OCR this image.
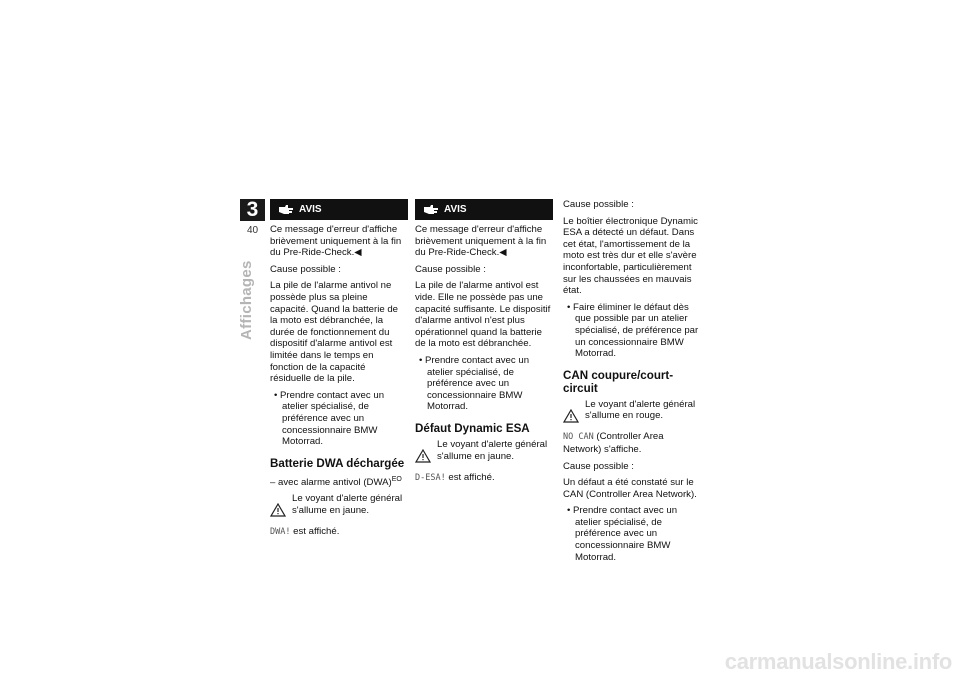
3
40
Affichages
AVIS

Ce message d'erreur d'affiche brièvement uniquement à la fin du Pre-Ride-Check.◀

Cause possible :

La pile de l'alarme antivol ne possède plus sa pleine capacité. Quand la batterie de la moto est débranchée, la durée de fonctionnement du dispositif d'alarme antivol est limitée dans le temps en fonction de la capacité résiduelle de la pile.

• Prendre contact avec un atelier spécialisé, de préférence avec un concessionnaire BMW Motorrad.
Batterie DWA déchargée
– avec alarme antivol (DWA)$^{EO}$
Le voyant d'alerte général s'allume en jaune.

DWA! est affiché.

AVIS

Ce message d'erreur d'affiche brièvement uniquement à la fin du Pre-Ride-Check.◀

Cause possible :

La pile de l'alarme antivol est vide. Elle ne possède pas une capacité suffisante. Le dispositif d'alarme antivol n'est plus opérationnel quand la batterie de la moto est débranchée.

• Prendre contact avec un atelier spécialisé, de préférence avec un concessionnaire BMW Motorrad.
Défaut Dynamic ESA
Le voyant d'alerte général s'allume en jaune.

D-ESA! est affiché.

Cause possible :

Le boîtier électronique Dynamic ESA a détecté un défaut. Dans cet état, l'amortissement de la moto est très dur et elle s'avère inconfortable, particulièrement sur les chaussées en mauvais état.

• Faire éliminer le défaut dès que possible par un atelier spécialisé, de préférence par un concessionnaire BMW Motorrad.
CAN coupure/court-circuit
Le voyant d'alerte général s'allume en rouge.

NO CAN (Controller Area Network) s'affiche.

Cause possible :

Un défaut a été constaté sur le CAN (Controller Area Network).

• Prendre contact avec un atelier spécialisé, de préférence avec un concessionnaire BMW Motorrad.
carmanualsonline.info
